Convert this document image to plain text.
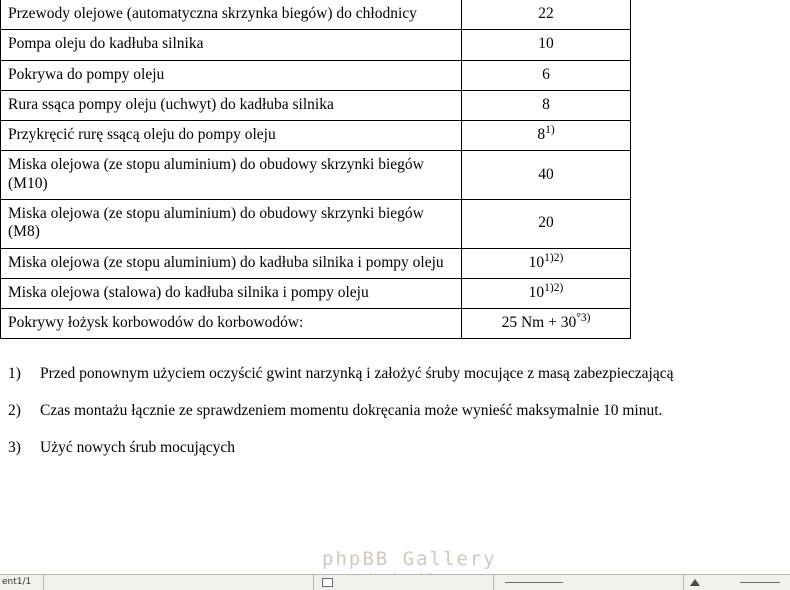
Przewody olejowe (automatyczna skrzynka biegów) do chłodnicy	22
Pompa oleju do kadłuba silnika	10
Pokrywa do pompy oleju	6
Rura ssąca pompy oleju (uchwyt) do kadłuba silnika	8
Przykręcić rurę ssącą oleju do pompy oleju	8$^{1)}$
Miska olejowa (ze stopu aluminium) do obudowy skrzynki biegów (M10)	40
Miska olejowa (ze stopu aluminium) do obudowy skrzynki biegów (M8)	20
Miska olejowa (ze stopu aluminium) do kadłuba silnika i pompy oleju	10$^{1)2)}$
Miska olejowa (stalowa) do kadłuba silnika i pompy oleju	10$^{1)2)}$
Pokrywy łożysk korbowodów do korbowodów:	25 Nm + 30$^{^\circ 3)}$
1)	Przed ponownym użyciem oczyścić gwint narzynką i założyć śruby mocujące z masą zabezpieczającą
2)	Czas montażu łącznie ze sprawdzeniem momentu dokręcania może wynieść maksymalnie 10 minut.
3)	Użyć nowych śrub mocujących
phpBB Gallery
ent1/1
